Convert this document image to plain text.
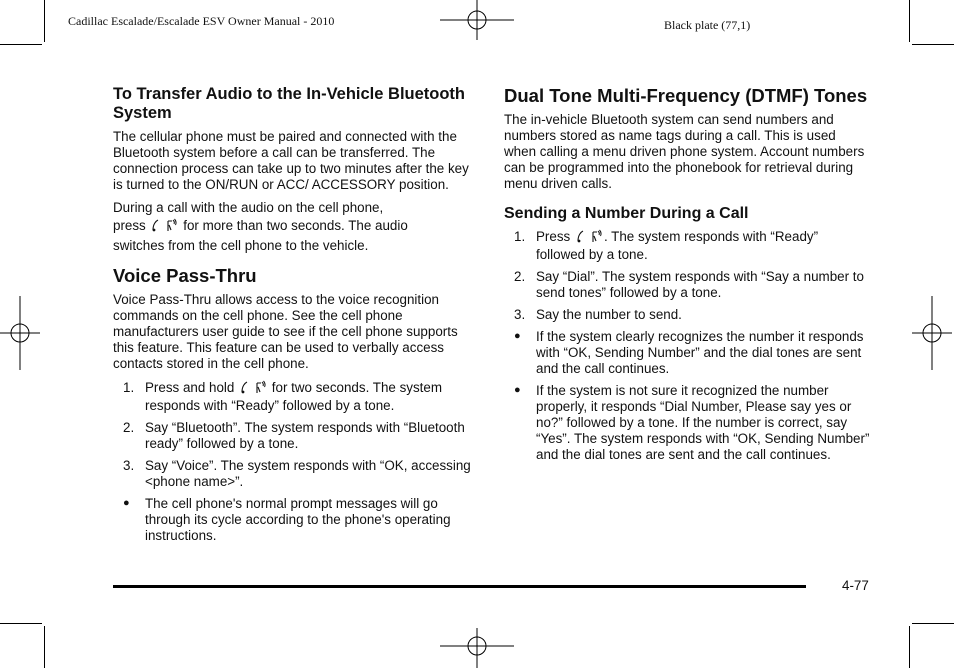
Cadillac Escalade/Escalade ESV Owner Manual - 2010	Black plate (77,1)
To Transfer Audio to the In-Vehicle Bluetooth System

The cellular phone must be paired and connected with the Bluetooth system before a call can be transferred. The connection process can take up to two minutes after the key is turned to the ON/RUN or ACC/ ACCESSORY position.

During a call with the audio on the cell phone,
press	for more than two seconds. The audio
switches from the cell phone to the vehicle.

Voice Pass-Thru

Voice Pass-Thru allows access to the voice recognition commands on the cell phone. See the cell phone manufacturers user guide to see if the cell phone supports this feature. This feature can be used to verbally access contacts stored in the cell phone.

1. Press and hold	for two seconds. The system responds with “Ready” followed by a tone.
2. Say “Bluetooth”. The system responds with “Bluetooth ready” followed by a tone.
3. Say “Voice”. The system responds with “OK, accessing <phone name>”.
●	The cell phone's normal prompt messages will go through its cycle according to the phone's operating instructions.
Dual Tone Multi-Frequency (DTMF) Tones

The in-vehicle Bluetooth system can send numbers and numbers stored as name tags during a call. This is used when calling a menu driven phone system. Account numbers can be programmed into the phonebook for retrieval during menu driven calls.

Sending a Number During a Call
1. Press	. The system responds with “Ready” followed by a tone.
2. Say “Dial”. The system responds with “Say a number to send tones” followed by a tone.
3. Say the number to send.
●	If the system clearly recognizes the number it responds with “OK, Sending Number” and the dial tones are sent and the call continues.
●	If the system is not sure it recognized the number properly, it responds “Dial Number, Please say yes or no?” followed by a tone. If the number is correct, say “Yes”. The system responds with “OK, Sending Number” and the dial tones are sent and the call continues.
4-77
